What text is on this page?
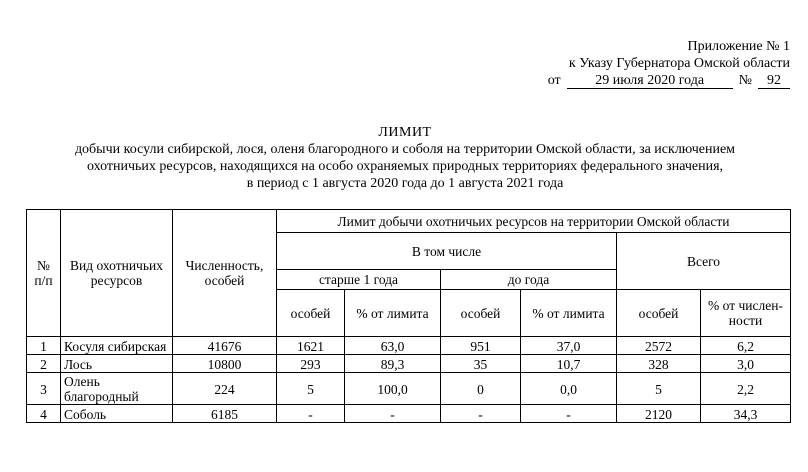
Приложение № 1
к Указу Губернатора Омской области
от	29 июля 2020 года	№	92
ЛИМИТ
добычи косули сибирской, лося, оленя благородного и соболя на территории Омской области, за исключением
охотничьих ресурсов, находящихся на особо охраняемых природных территориях федерального значения,
в период с 1 августа 2020 года до 1 августа 2021 года
№ п/п	Вид охотничьих ресурсов	Численность, особей	Лимит добычи охотничьих ресурсов на территории Омской области					
			В том числе				Всего	
			старше 1 года		до года			
			особей	% от лимита	особей	% от лимита	особей	% от числен-ности
1	Косуля сибирская	41676	1621	63,0	951	37,0	2572	6,2
2	Лось	10800	293	89,3	35	10,7	328	3,0
3	Олень благородный	224	5	100,0	0	0,0	5	2,2
4	Соболь	6185	-	-	-	-	2120	34,3
